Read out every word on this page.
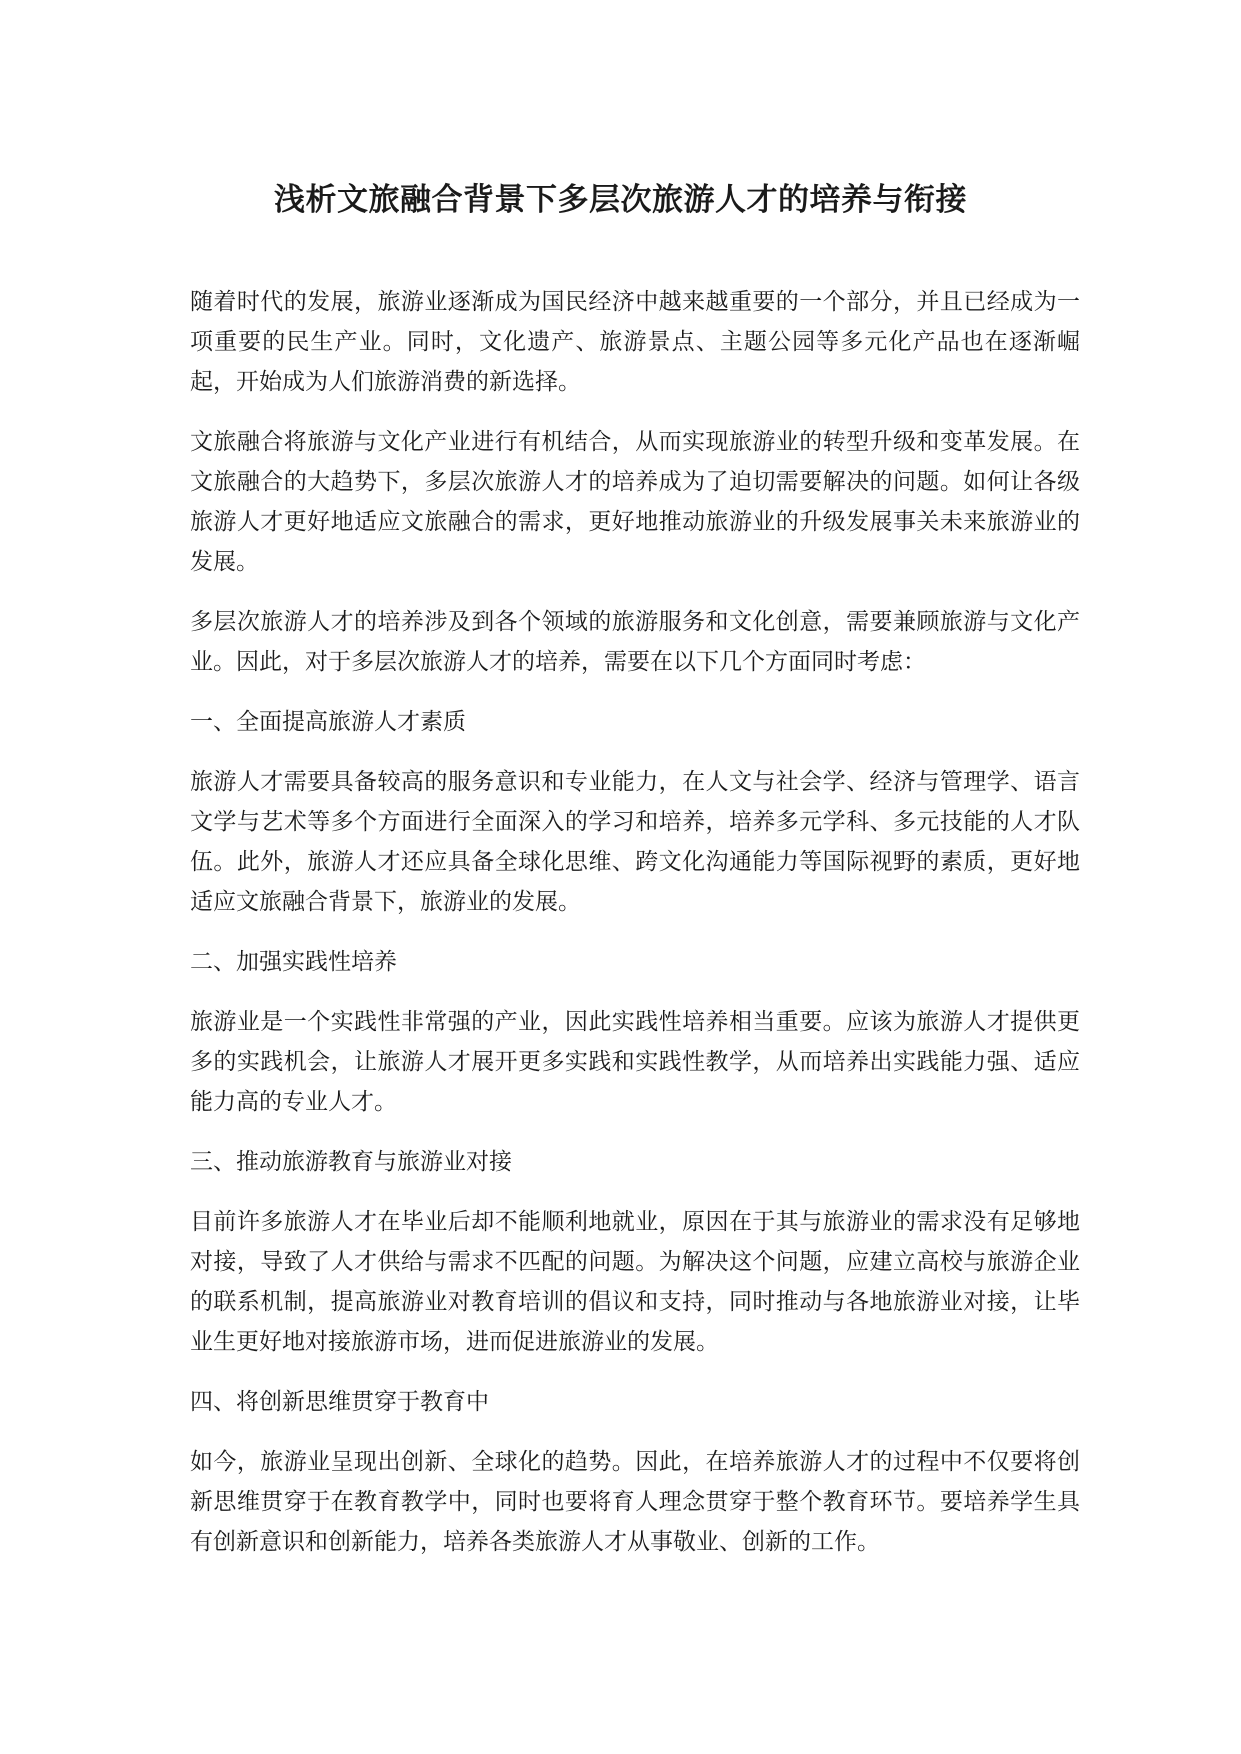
浅析文旅融合背景下多层次旅游人才的培养与衔接

随着时代的发展，旅游业逐渐成为国民经济中越来越重要的一个部分，并且已经成为一项重要的民生产业。同时，文化遗产、旅游景点、主题公园等多元化产品也在逐渐崛起，开始成为人们旅游消费的新选择。

文旅融合将旅游与文化产业进行有机结合，从而实现旅游业的转型升级和变革发展。在文旅融合的大趋势下，多层次旅游人才的培养成为了迫切需要解决的问题。如何让各级旅游人才更好地适应文旅融合的需求，更好地推动旅游业的升级发展事关未来旅游业的发展。

多层次旅游人才的培养涉及到各个领域的旅游服务和文化创意，需要兼顾旅游与文化产业。因此，对于多层次旅游人才的培养，需要在以下几个方面同时考虑：

一、全面提高旅游人才素质

旅游人才需要具备较高的服务意识和专业能力，在人文与社会学、经济与管理学、语言文学与艺术等多个方面进行全面深入的学习和培养，培养多元学科、多元技能的人才队伍。此外，旅游人才还应具备全球化思维、跨文化沟通能力等国际视野的素质，更好地适应文旅融合背景下，旅游业的发展。

二、加强实践性培养

旅游业是一个实践性非常强的产业，因此实践性培养相当重要。应该为旅游人才提供更多的实践机会，让旅游人才展开更多实践和实践性教学，从而培养出实践能力强、适应能力高的专业人才。

三、推动旅游教育与旅游业对接

目前许多旅游人才在毕业后却不能顺利地就业，原因在于其与旅游业的需求没有足够地对接，导致了人才供给与需求不匹配的问题。为解决这个问题，应建立高校与旅游企业的联系机制，提高旅游业对教育培训的倡议和支持，同时推动与各地旅游业对接，让毕业生更好地对接旅游市场，进而促进旅游业的发展。

四、将创新思维贯穿于教育中

如今，旅游业呈现出创新、全球化的趋势。因此，在培养旅游人才的过程中不仅要将创新思维贯穿于在教育教学中，同时也要将育人理念贯穿于整个教育环节。要培养学生具有创新意识和创新能力，培养各类旅游人才从事敬业、创新的工作。
